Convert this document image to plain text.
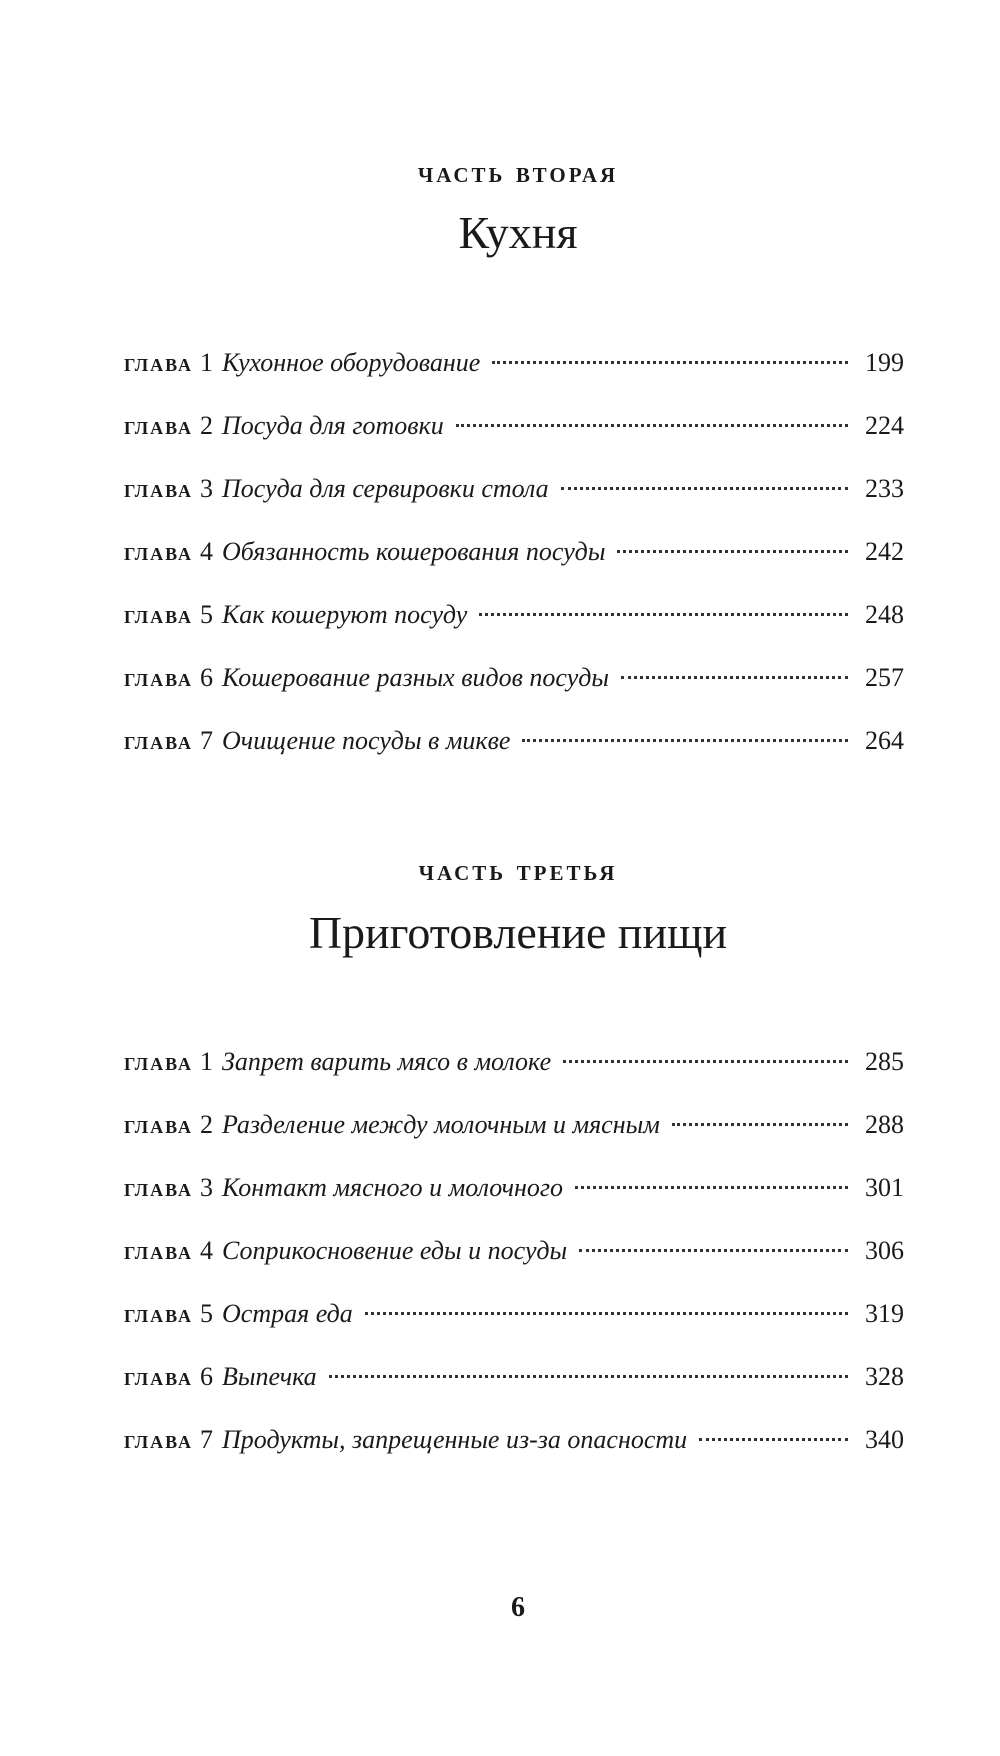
часть вторая
Кухня
глава 1 Кухонное оборудование	199
глава 2 Посуда для готовки	224
глава 3 Посуда для сервировки стола	233
глава 4 Обязанность кошерования посуды	242
глава 5 Как кошеруют посуду	248
глава 6 Кошерование разных видов посуды	257
глава 7 Очищение посуды в микве	264
часть третья
Приготовление пищи
глава 1 Запрет варить мясо в молоке	285
глава 2 Разделение между молочным и мясным	288
глава 3 Контакт мясного и молочного	301
глава 4 Соприкосновение еды и посуды	306
глава 5 Острая еда	319
глава 6 Выпечка	328
глава 7 Продукты, запрещенные из-за опасности	340
6
